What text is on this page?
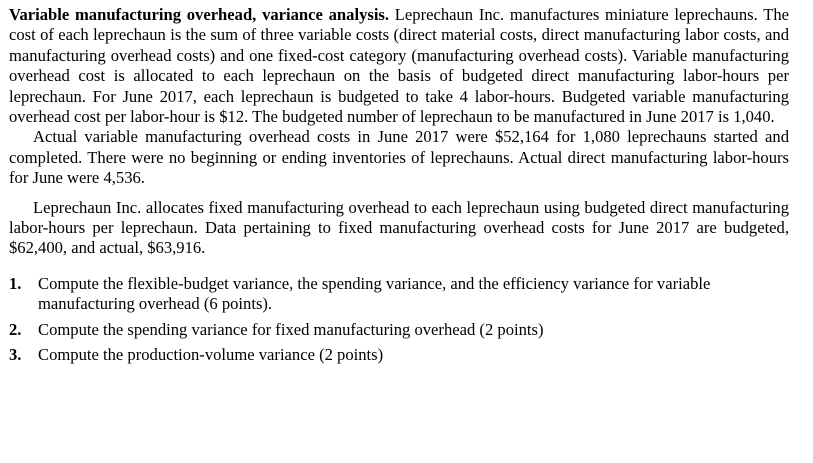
Variable manufacturing overhead, variance analysis. Leprechaun Inc. manufactures miniature leprechauns. The cost of each leprechaun is the sum of three variable costs (direct material costs, direct manufacturing labor costs, and manufacturing overhead costs) and one fixed-cost category (manufacturing overhead costs). Variable manufacturing overhead cost is allocated to each leprechaun on the basis of budgeted direct manufacturing labor-hours per leprechaun. For June 2017, each leprechaun is budgeted to take 4 labor-hours. Budgeted variable manufacturing overhead cost per labor-hour is $12. The budgeted number of leprechaun to be manufactured in June 2017 is 1,040.

Actual variable manufacturing overhead costs in June 2017 were $52,164 for 1,080 leprechauns started and completed. There were no beginning or ending inventories of leprechauns. Actual direct manufacturing labor-hours for June were 4,536.

Leprechaun Inc. allocates fixed manufacturing overhead to each leprechaun using budgeted direct manufacturing labor-hours per leprechaun. Data pertaining to fixed manufacturing overhead costs for June 2017 are budgeted, $62,400, and actual, $63,916.

1. Compute the flexible-budget variance, the spending variance, and the efficiency variance for variable manufacturing overhead (6 points).
2. Compute the spending variance for fixed manufacturing overhead (2 points)
3. Compute the production-volume variance (2 points)
